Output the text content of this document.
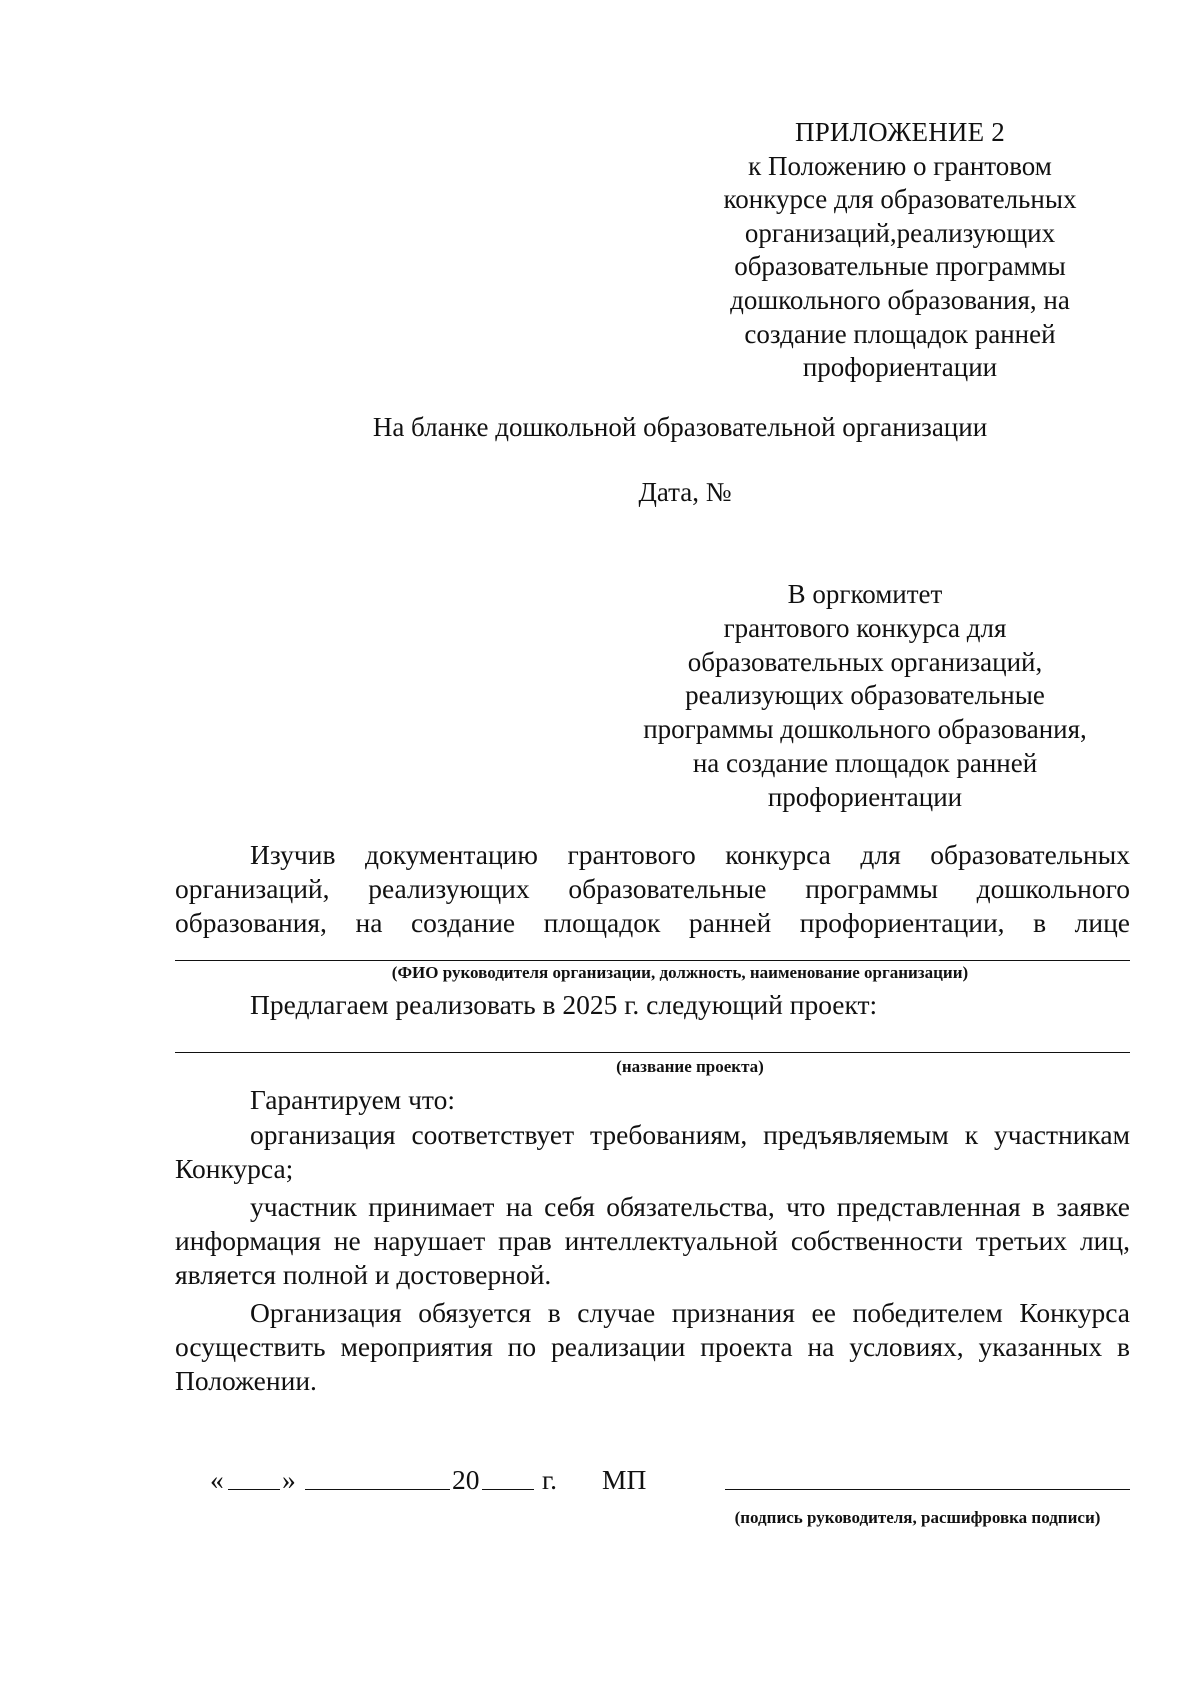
ПРИЛОЖЕНИЕ 2
к Положению о грантовом
конкурсе для образовательных
организаций,реализующих
образовательные программы
дошкольного образования, на
создание площадок ранней
профориентации
На бланке дошкольной образовательной организации
Дата, №
В оргкомитет
грантового конкурса для
образовательных организаций,
реализующих образовательные
программы дошкольного образования,
на создание площадок ранней
профориентации
Изучив документацию грантового конкурса для образовательных
организаций, реализующих образовательные программы дошкольного
образования, на создание площадок ранней профориентации, в лице
(ФИО руководителя организации, должность, наименование организации)
Предлагаем реализовать в 2025 г. следующий проект:
(название проекта)
Гарантируем что:
организация соответствует требованиям, предъявляемым к участникам
Конкурса;
участник принимает на себя обязательства, что представленная в заявке
информация не нарушает прав интеллектуальной собственности третьих лиц,
является полной и достоверной.
Организация обязуется в случае признания ее победителем Конкурса
осуществить мероприятия по реализации проекта на условиях, указанных в
Положении.
« »	20 г. МП
(подпись руководителя, расшифровка подписи)
